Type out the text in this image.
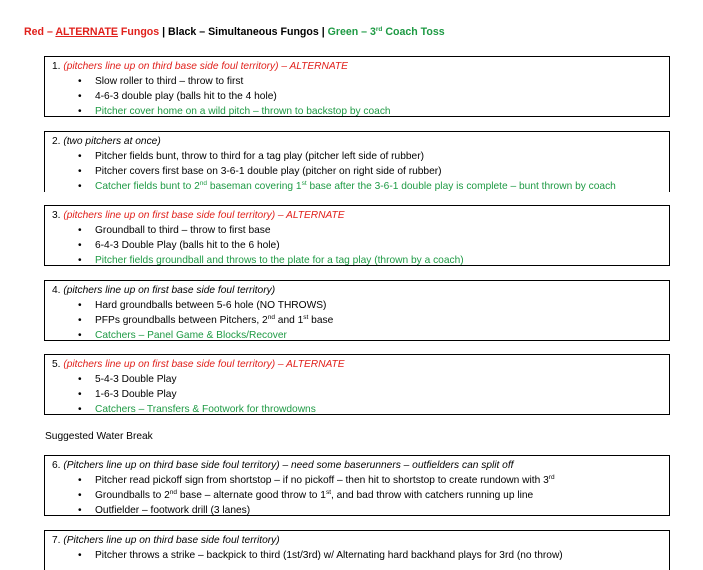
Red – ALTERNATE Fungos | Black – Simultaneous Fungos | Green – 3rd Coach Toss
1. (pitchers line up on third base side foul territory) – ALTERNATE
• Slow roller to third – throw to first
• 4-6-3 double play (balls hit to the 4 hole)
• Pitcher cover home on a wild pitch – thrown to backstop by coach
2. (two pitchers at once)
• Pitcher fields bunt, throw to third for a tag play (pitcher left side of rubber)
• Pitcher covers first base on 3-6-1 double play (pitcher on right side of rubber)
• Catcher fields bunt to 2nd baseman covering 1st base after the 3-6-1 double play is complete – bunt thrown by coach
3. (pitchers line up on first base side foul territory) – ALTERNATE
• Groundball to third – throw to first base
• 6-4-3 Double Play (balls hit to the 6 hole)
• Pitcher fields groundball and throws to the plate for a tag play (thrown by a coach)
4. (pitchers line up on first base side foul territory)
• Hard groundballs between 5-6 hole (NO THROWS)
• PFPs groundballs between Pitchers, 2nd and 1st base
• Catchers – Panel Game & Blocks/Recover
5. (pitchers line up on first base side foul territory) – ALTERNATE
• 5-4-3 Double Play
• 1-6-3 Double Play
• Catchers – Transfers & Footwork for throwdowns
Suggested Water Break
6. (Pitchers line up on third base side foul territory) – need some baserunners – outfielders can split off
• Pitcher read pickoff sign from shortstop – if no pickoff – then hit to shortstop to create rundown with 3rd
• Groundballs to 2nd base – alternate good throw to 1st, and bad throw with catchers running up line
• Outfielder – footwork drill (3 lanes)
7. (Pitchers line up on third base side foul territory)
• Pitcher throws a strike – backpick to third (1st/3rd) w/ Alternating hard backhand plays for 3rd (no throw)
